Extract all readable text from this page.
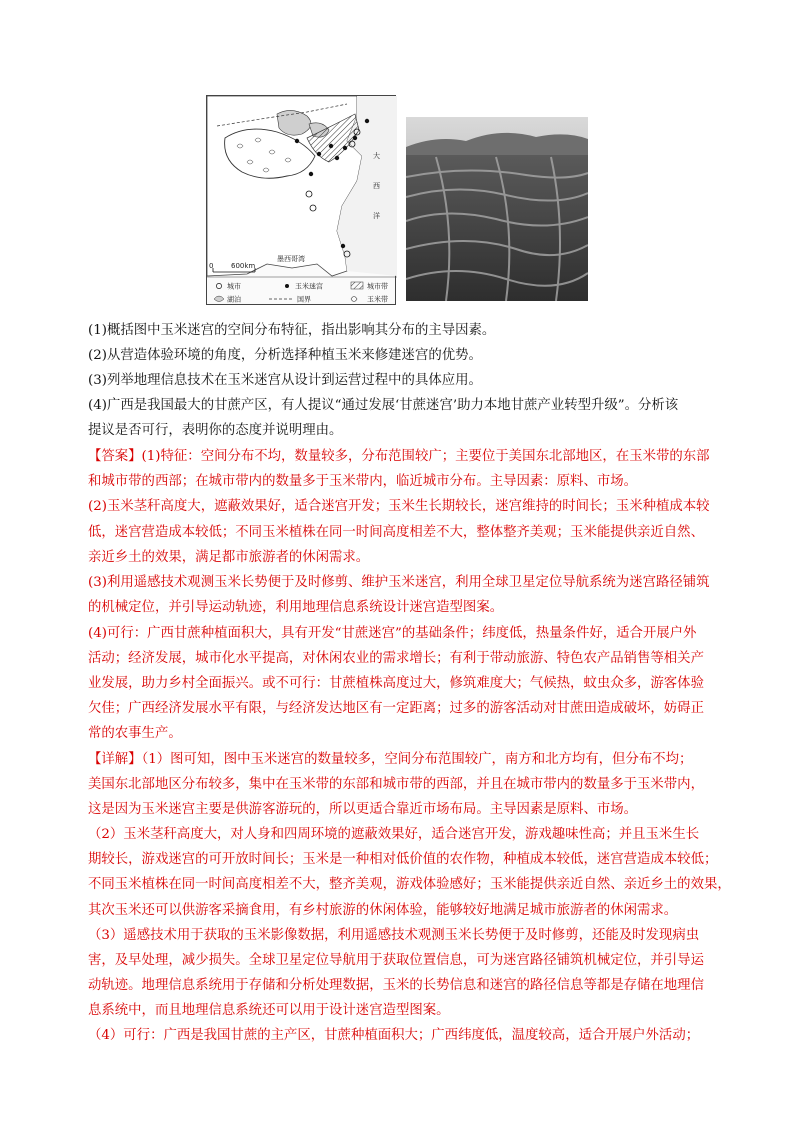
大
西
洋
墨西哥湾
0	600km
城市	玉米迷宫	城市带
湖泊	国界	玉米带
(1)概括图中玉米迷宫的空间分布特征，指出影响其分布的主导因素。
(2)从营造体验环境的角度，分析选择种植玉米来修建迷宫的优势。
(3)列举地理信息技术在玉米迷宫从设计到运营过程中的具体应用。
(4)广西是我国最大的甘蔗产区，有人提议“通过发展‘甘蔗迷宫’助力本地甘蔗产业转型升级”。分析该
提议是否可行，表明你的态度并说明理由。
【答案】(1)特征：空间分布不均，数量较多，分布范围较广；主要位于美国东北部地区，在玉米带的东部
和城市带的西部；在城市带内的数量多于玉米带内，临近城市分布。主导因素：原料、市场。
(2)玉米茎秆高度大，遮蔽效果好，适合迷宫开发；玉米生长期较长，迷宫维持的时间长；玉米种植成本较
低，迷宫营造成本较低；不同玉米植株在同一时间高度相差不大，整体整齐美观；玉米能提供亲近自然、
亲近乡土的效果，满足都市旅游者的休闲需求。
(3)利用遥感技术观测玉米长势便于及时修剪、维护玉米迷宫，利用全球卫星定位导航系统为迷宫路径铺筑
的机械定位，并引导运动轨迹，利用地理信息系统设计迷宫造型图案。
(4)可行：广西甘蔗种植面积大，具有开发“甘蔗迷宫”的基础条件；纬度低，热量条件好，适合开展户外
活动；经济发展，城市化水平提高，对休闲农业的需求增长；有利于带动旅游、特色农产品销售等相关产
业发展，助力乡村全面振兴。或不可行：甘蔗植株高度过大，修筑难度大；气候热，蚊虫众多，游客体验
欠佳；广西经济发展水平有限，与经济发达地区有一定距离；过多的游客活动对甘蔗田造成破坏，妨碍正
常的农事生产。
【详解】（1）图可知，图中玉米迷宫的数量较多，空间分布范围较广，南方和北方均有，但分布不均；
美国东北部地区分布较多，集中在玉米带的东部和城市带的西部，并且在城市带内的数量多于玉米带内，
这是因为玉米迷宫主要是供游客游玩的，所以更适合靠近市场布局。主导因素是原料、市场。
（2）玉米茎秆高度大，对人身和四周环境的遮蔽效果好，适合迷宫开发，游戏趣味性高；并且玉米生长
期较长，游戏迷宫的可开放时间长；玉米是一种相对低价值的农作物，种植成本较低，迷宫营造成本较低；
不同玉米植株在同一时间高度相差不大，整齐美观，游戏体验感好；玉米能提供亲近自然、亲近乡土的效果，
其次玉米还可以供游客采摘食用，有乡村旅游的休闲体验，能够较好地满足城市旅游者的休闲需求。
（3）遥感技术用于获取的玉米影像数据，利用遥感技术观测玉米长势便于及时修剪，还能及时发现病虫
害，及早处理，减少损失。全球卫星定位导航用于获取位置信息，可为迷宫路径铺筑机械定位，并引导运
动轨迹。地理信息系统用于存储和分析处理数据，玉米的长势信息和迷宫的路径信息等都是存储在地理信
息系统中，而且地理信息系统还可以用于设计迷宫造型图案。
（4）可行：广西是我国甘蔗的主产区，甘蔗种植面积大；广西纬度低，温度较高，适合开展户外活动；
